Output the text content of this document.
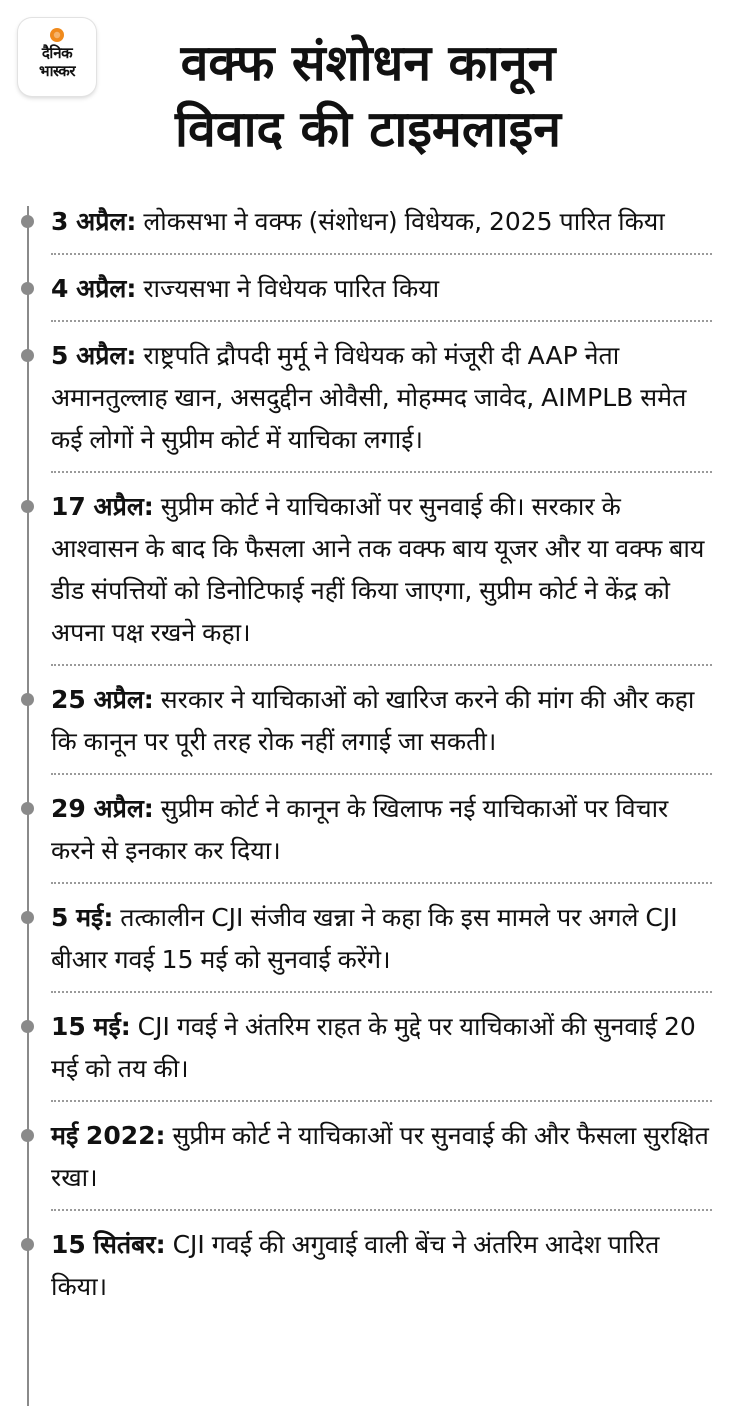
दैनिक
भास्कर	वक्फ संशोधन कानून
विवाद की टाइमलाइन
3 अप्रैल: लोकसभा ने वक्फ (संशोधन) विधेयक, 2025 पारित किया
4 अप्रैल: राज्यसभा ने विधेयक पारित किया
5 अप्रैल: राष्ट्रपति द्रौपदी मुर्मू ने विधेयक को मंजूरी दी AAP नेता अमानतुल्लाह खान, असदुद्दीन ओवैसी, मोहम्मद जावेद, AIMPLB समेत कई लोगों ने सुप्रीम कोर्ट में याचिका लगाई।
17 अप्रैल: सुप्रीम कोर्ट ने याचिकाओं पर सुनवाई की। सरकार के आश्वासन के बाद कि फैसला आने तक वक्फ बाय यूजर और या वक्फ बाय डीड संपत्तियों को डिनोटिफाई नहीं किया जाएगा, सुप्रीम कोर्ट ने केंद्र को अपना पक्ष रखने कहा।
25 अप्रैल: सरकार ने याचिकाओं को खारिज करने की मांग की और कहा कि कानून पर पूरी तरह रोक नहीं लगाई जा सकती।
29 अप्रैल: सुप्रीम कोर्ट ने कानून के खिलाफ नई याचिकाओं पर विचार करने से इनकार कर दिया।
5 मई: तत्कालीन CJI संजीव खन्ना ने कहा कि इस मामले पर अगले CJI बीआर गवई 15 मई को सुनवाई करेंगे।
15 मई: CJI गवई ने अंतरिम राहत के मुद्दे पर याचिकाओं की सुनवाई 20 मई को तय की।
मई 2022: सुप्रीम कोर्ट ने याचिकाओं पर सुनवाई की और फैसला सुरक्षित रखा।
15 सितंबर: CJI गवई की अगुवाई वाली बेंच ने अंतरिम आदेश पारित किया।
